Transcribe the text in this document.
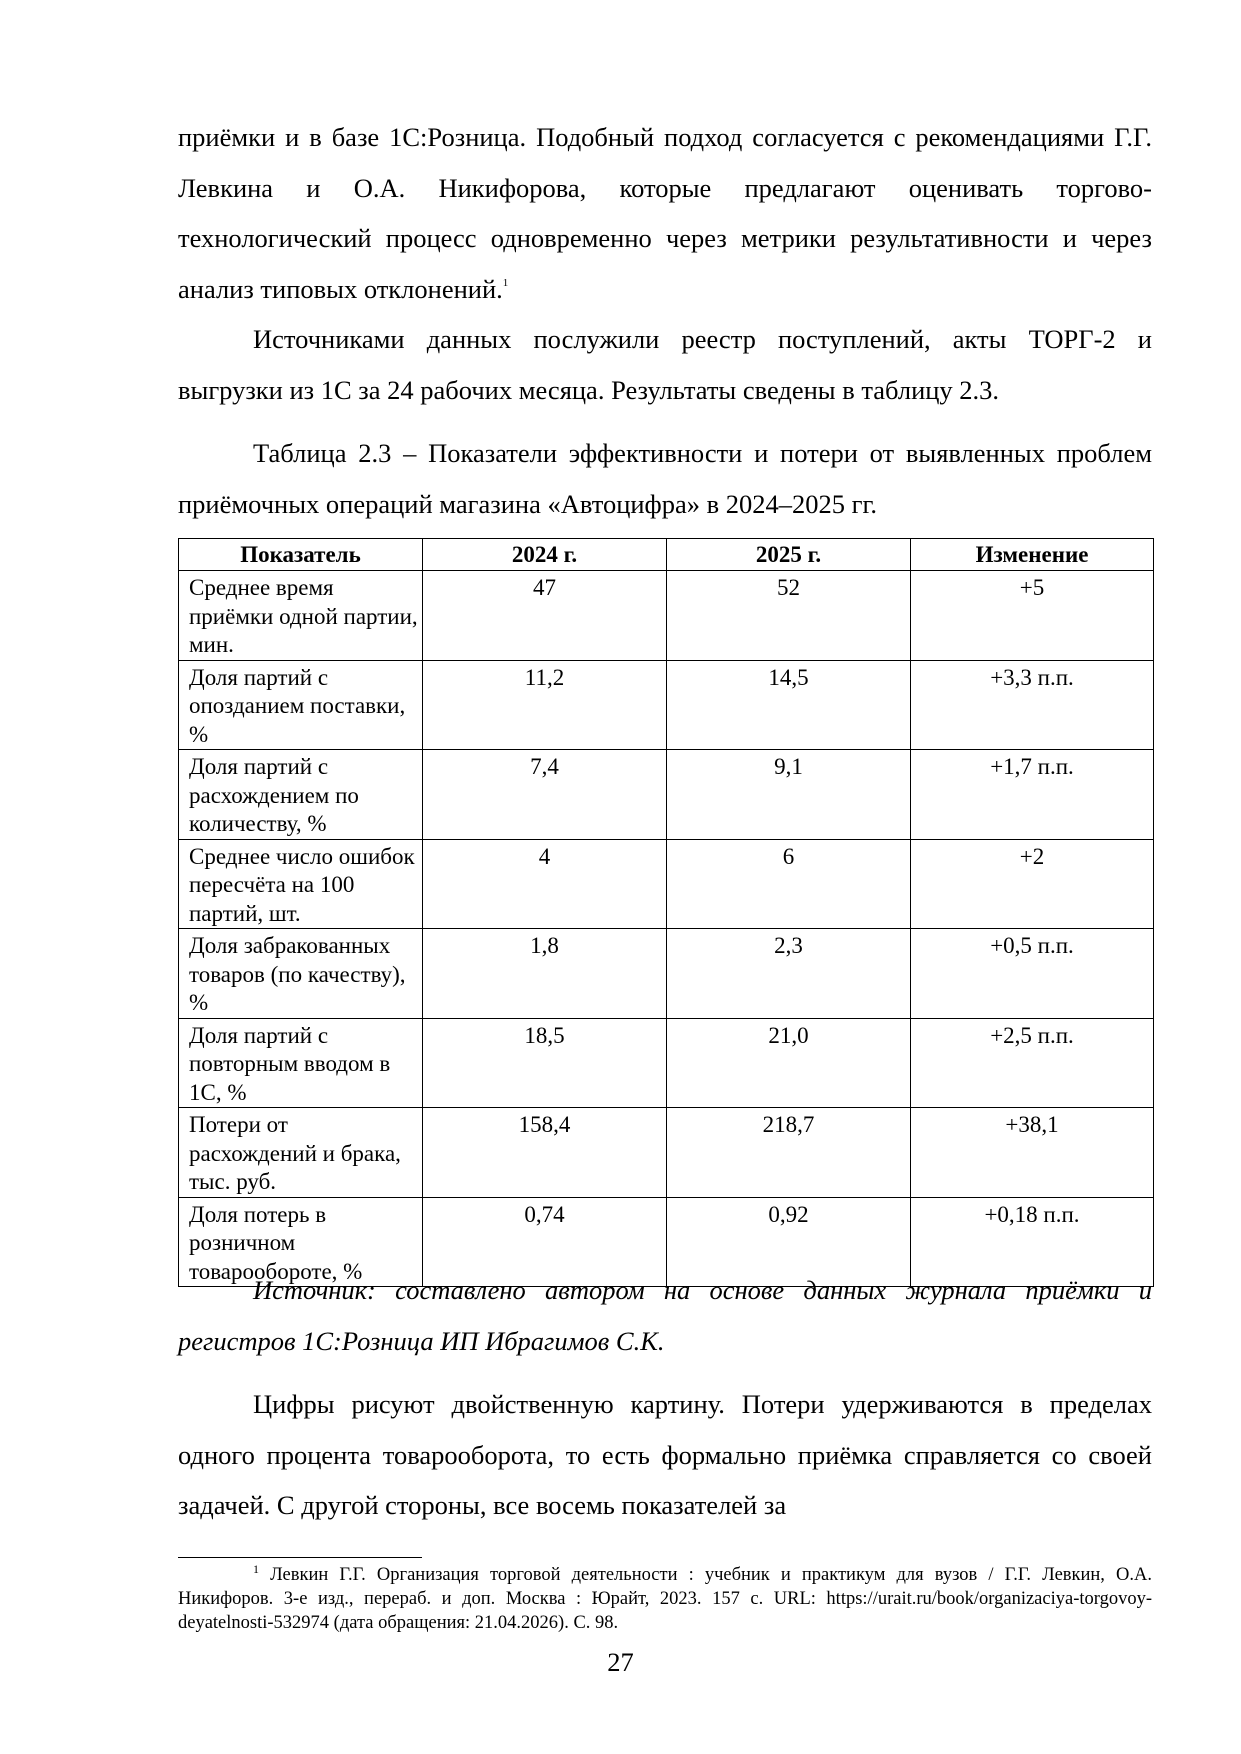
приёмки и в базе 1С:Розница. Подобный подход согласуется с рекомендациями Г.Г. Левкина и О.А. Никифорова, которые предлагают оценивать торгово-технологический процесс одновременно через метрики результативности и через анализ типовых отклонений.$^1$

Источниками данных послужили реестр поступлений, акты ТОРГ-2 и выгрузки из 1С за 24 рабочих месяца. Результаты сведены в таблицу 2.3.

Таблица 2.3 – Показатели эффективности и потери от выявленных проблем приёмочных операций магазина «Автоцифра» в 2024–2025 гг.

Показатель	2024 г.	2025 г.	Изменение
Среднее время приёмки одной партии, мин.	47	52	+5
Доля партий с опозданием поставки, %	11,2	14,5	+3,3 п.п.
Доля партий с расхождением по количеству, %	7,4	9,1	+1,7 п.п.
Среднее число ошибок пересчёта на 100 партий, шт.	4	6	+2
Доля забракованных товаров (по качеству), %	1,8	2,3	+0,5 п.п.
Доля партий с повторным вводом в 1С, %	18,5	21,0	+2,5 п.п.
Потери от расхождений и брака, тыс. руб.	158,4	218,7	+38,1
Доля потерь в розничном товарообороте, %	0,74	0,92	+0,18 п.п.

Источник: составлено автором на основе данных журнала приёмки и регистров 1С:Розница ИП Ибрагимов С.К.

Цифры рисуют двойственную картину. Потери удерживаются в пределах одного процента товарооборота, то есть формально приёмка справляется со своей задачей. С другой стороны, все восемь показателей за

$^1$ Левкин Г.Г. Организация торговой деятельности : учебник и практикум для вузов / Г.Г. Левкин, О.А. Никифоров. 3-е изд., перераб. и доп. Москва : Юрайт, 2023. 157 с. URL: https://urait.ru/book/organizaciya-torgovoy-deyatelnosti-532974 (дата обращения: 21.04.2026). С. 98.

27
